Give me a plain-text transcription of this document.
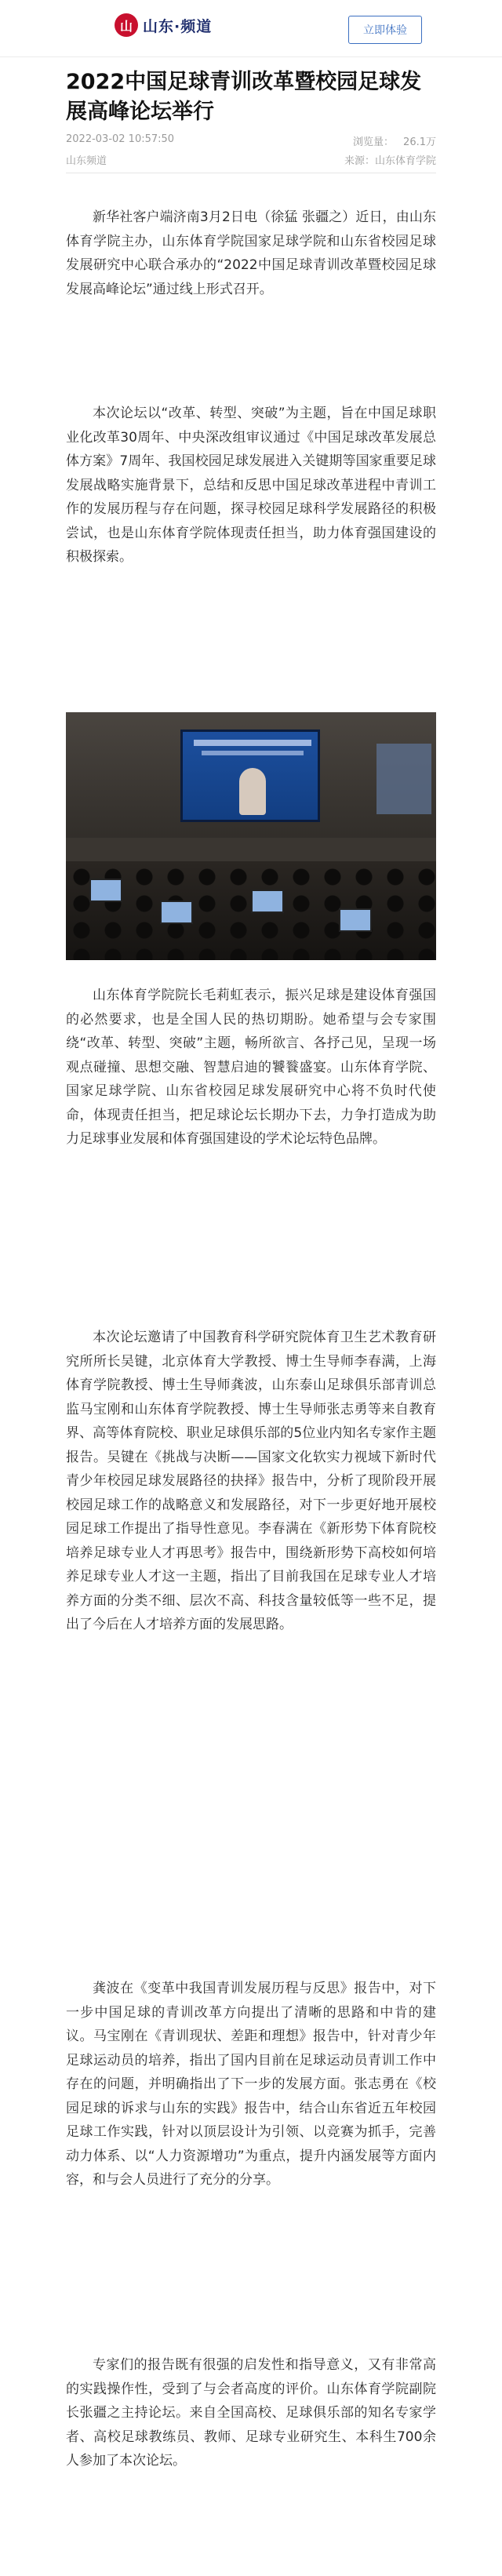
山 山东·频道	立即体验
2022中国足球青训改革暨校园足球发展高峰论坛举行
2022-03-02 10:57:50	浏览量： 26.1万
山东频道	来源：山东体育学院

新华社客户端济南3月2日电（徐猛 张疆之）近日，由山东体育学院主办，山东体育学院国家足球学院和山东省校园足球发展研究中心联合承办的“2022中国足球青训改革暨校园足球发展高峰论坛”通过线上形式召开。

本次论坛以“改革、转型、突破”为主题，旨在中国足球职业化改革30周年、中央深改组审议通过《中国足球改革发展总体方案》7周年、我国校园足球发展进入关键期等国家重要足球发展战略实施背景下，总结和反思中国足球改革进程中青训工作的发展历程与存在问题，探寻校园足球科学发展路径的积极尝试，也是山东体育学院体现责任担当，助力体育强国建设的积极探索。

山东体育学院院长毛莉虹表示，振兴足球是建设体育强国的必然要求，也是全国人民的热切期盼。她希望与会专家围绕“改革、转型、突破”主题，畅所欲言、各抒己见，呈现一场观点碰撞、思想交融、智慧启迪的饕餮盛宴。山东体育学院、国家足球学院、山东省校园足球发展研究中心将不负时代使命，体现责任担当，把足球论坛长期办下去，力争打造成为助力足球事业发展和体育强国建设的学术论坛特色品牌。

本次论坛邀请了中国教育科学研究院体育卫生艺术教育研究所所长吴键，北京体育大学教授、博士生导师李春满，上海体育学院教授、博士生导师龚波，山东泰山足球俱乐部青训总监马宝刚和山东体育学院教授、博士生导师张志勇等来自教育界、高等体育院校、职业足球俱乐部的5位业内知名专家作主题报告。吴键在《挑战与决断——国家文化软实力视域下新时代青少年校园足球发展路径的抉择》报告中，分析了现阶段开展校园足球工作的战略意义和发展路径，对下一步更好地开展校园足球工作提出了指导性意见。李春满在《新形势下体育院校培养足球专业人才再思考》报告中，围绕新形势下高校如何培养足球专业人才这一主题，指出了目前我国在足球专业人才培养方面的分类不细、层次不高、科技含量较低等一些不足，提出了今后在人才培养方面的发展思路。

龚波在《变革中我国青训发展历程与反思》报告中，对下一步中国足球的青训改革方向提出了清晰的思路和中肯的建议。马宝刚在《青训现状、差距和理想》报告中，针对青少年足球运动员的培养，指出了国内目前在足球运动员青训工作中存在的问题，并明确指出了下一步的发展方面。张志勇在《校园足球的诉求与山东的实践》报告中，结合山东省近五年校园足球工作实践，针对以顶层设计为引领、以竞赛为抓手，完善动力体系、以“人力资源增功”为重点，提升内涵发展等方面内容，和与会人员进行了充分的分享。

专家们的报告既有很强的启发性和指导意义，又有非常高的实践操作性，受到了与会者高度的评价。山东体育学院副院长张疆之主持论坛。来自全国高校、足球俱乐部的知名专家学者、高校足球教练员、教师、足球专业研究生、本科生700余人参加了本次论坛。
